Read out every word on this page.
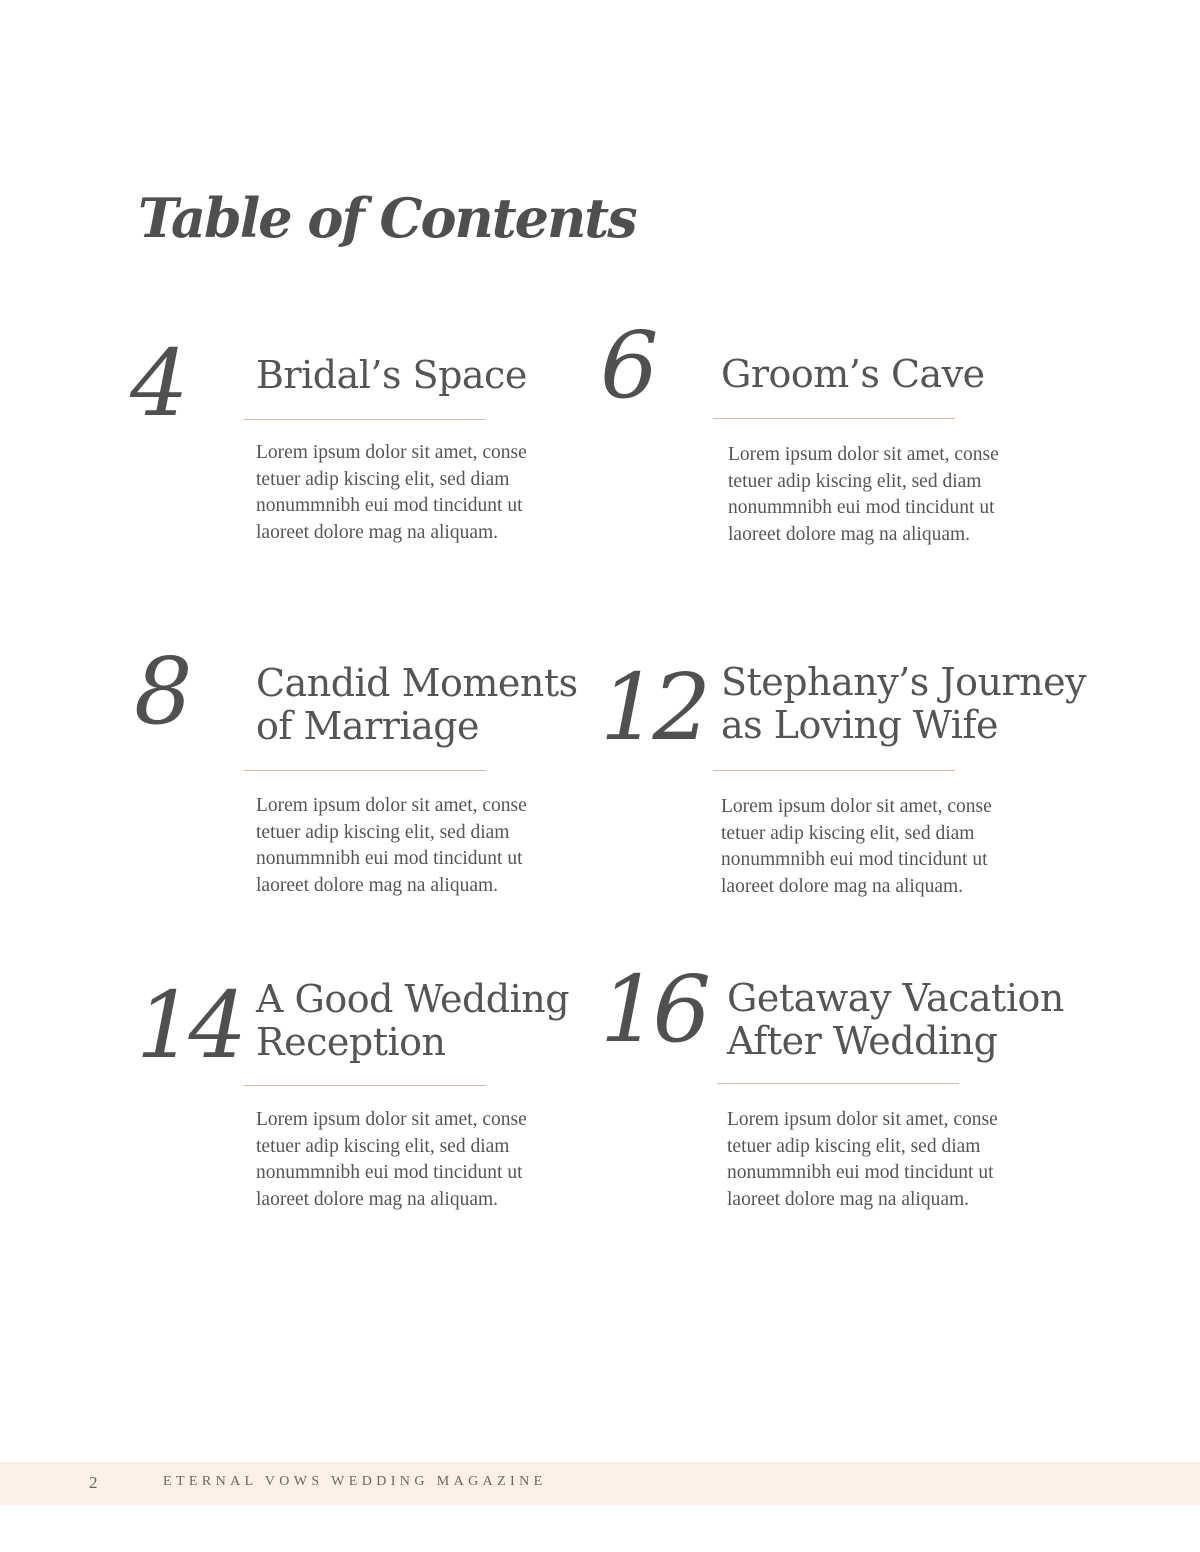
Table of Contents
4 Bridal’s Space

Lorem ipsum dolor sit amet, conse tetuer adip kiscing elit, sed diam nonummnibh eui mod tincidunt ut laoreet dolore mag na aliquam.

6 Groom’s Cave

Lorem ipsum dolor sit amet, conse tetuer adip kiscing elit, sed diam nonummnibh eui mod tincidunt ut laoreet dolore mag na aliquam.

8 Candid Moments
of Marriage

Lorem ipsum dolor sit amet, conse tetuer adip kiscing elit, sed diam nonummnibh eui mod tincidunt ut laoreet dolore mag na aliquam.

12 Stephany’s Journey
as Loving Wife

Lorem ipsum dolor sit amet, conse tetuer adip kiscing elit, sed diam nonummnibh eui mod tincidunt ut laoreet dolore mag na aliquam.

14 A Good Wedding
Reception

Lorem ipsum dolor sit amet, conse tetuer adip kiscing elit, sed diam nonummnibh eui mod tincidunt ut laoreet dolore mag na aliquam.

16 Getaway Vacation
After Wedding

Lorem ipsum dolor sit amet, conse tetuer adip kiscing elit, sed diam nonummnibh eui mod tincidunt ut laoreet dolore mag na aliquam.

2	ETERNAL VOWS WEDDING MAGAZINE
